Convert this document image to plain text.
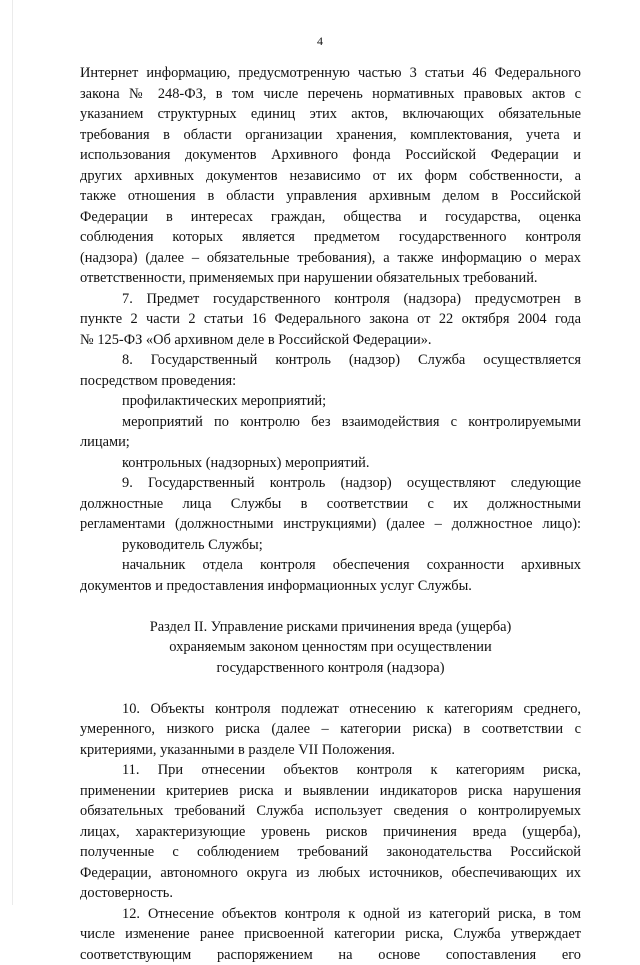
4
Интернет информацию, предусмотренную частью 3 статьи 46 Федерального
закона № 248-ФЗ, в том числе перечень нормативных правовых актов с
указанием структурных единиц этих актов, включающих обязательные
требования в области организации хранения, комплектования, учета и
использования документов Архивного фонда Российской Федерации и
других архивных документов независимо от их форм собственности, а
также отношения в области управления архивным делом в Российской
Федерации в интересах граждан, общества и государства, оценка
соблюдения которых является предметом государственного контроля
(надзора) (далее – обязательные требования), а также информацию о мерах
ответственности, применяемых при нарушении обязательных требований.
7. Предмет государственного контроля (надзора) предусмотрен в
пункте 2 части 2 статьи 16 Федерального закона от 22 октября 2004 года
№ 125-ФЗ «Об архивном деле в Российской Федерации».
8. Государственный контроль (надзор) Служба осуществляется
посредством проведения:
профилактических мероприятий;
мероприятий по контролю без взаимодействия с контролируемыми
лицами;
контрольных (надзорных) мероприятий.
9. Государственный контроль (надзор) осуществляют следующие
должностные лица Службы в соответствии с их должностными
регламентами (должностными инструкциями) (далее – должностное лицо):
руководитель Службы;
начальник отдела контроля обеспечения сохранности архивных
документов и предоставления информационных услуг Службы.
Раздел II. Управление рисками причинения вреда (ущерба)
охраняемым законом ценностям при осуществлении
государственного контроля (надзора)
10. Объекты контроля подлежат отнесению к категориям среднего,
умеренного, низкого риска (далее – категории риска) в соответствии с
критериями, указанными в разделе VII Положения.
11. При отнесении объектов контроля к категориям риска,
применении критериев риска и выявлении индикаторов риска нарушения
обязательных требований Служба использует сведения о контролируемых
лицах, характеризующие уровень рисков причинения вреда (ущерба),
полученные с соблюдением требований законодательства Российской
Федерации, автономного округа из любых источников, обеспечивающих их
достоверность.
12. Отнесение объектов контроля к одной из категорий риска, в том
числе изменение ранее присвоенной категории риска, Служба утверждает
соответствующим распоряжением на основе сопоставления его
